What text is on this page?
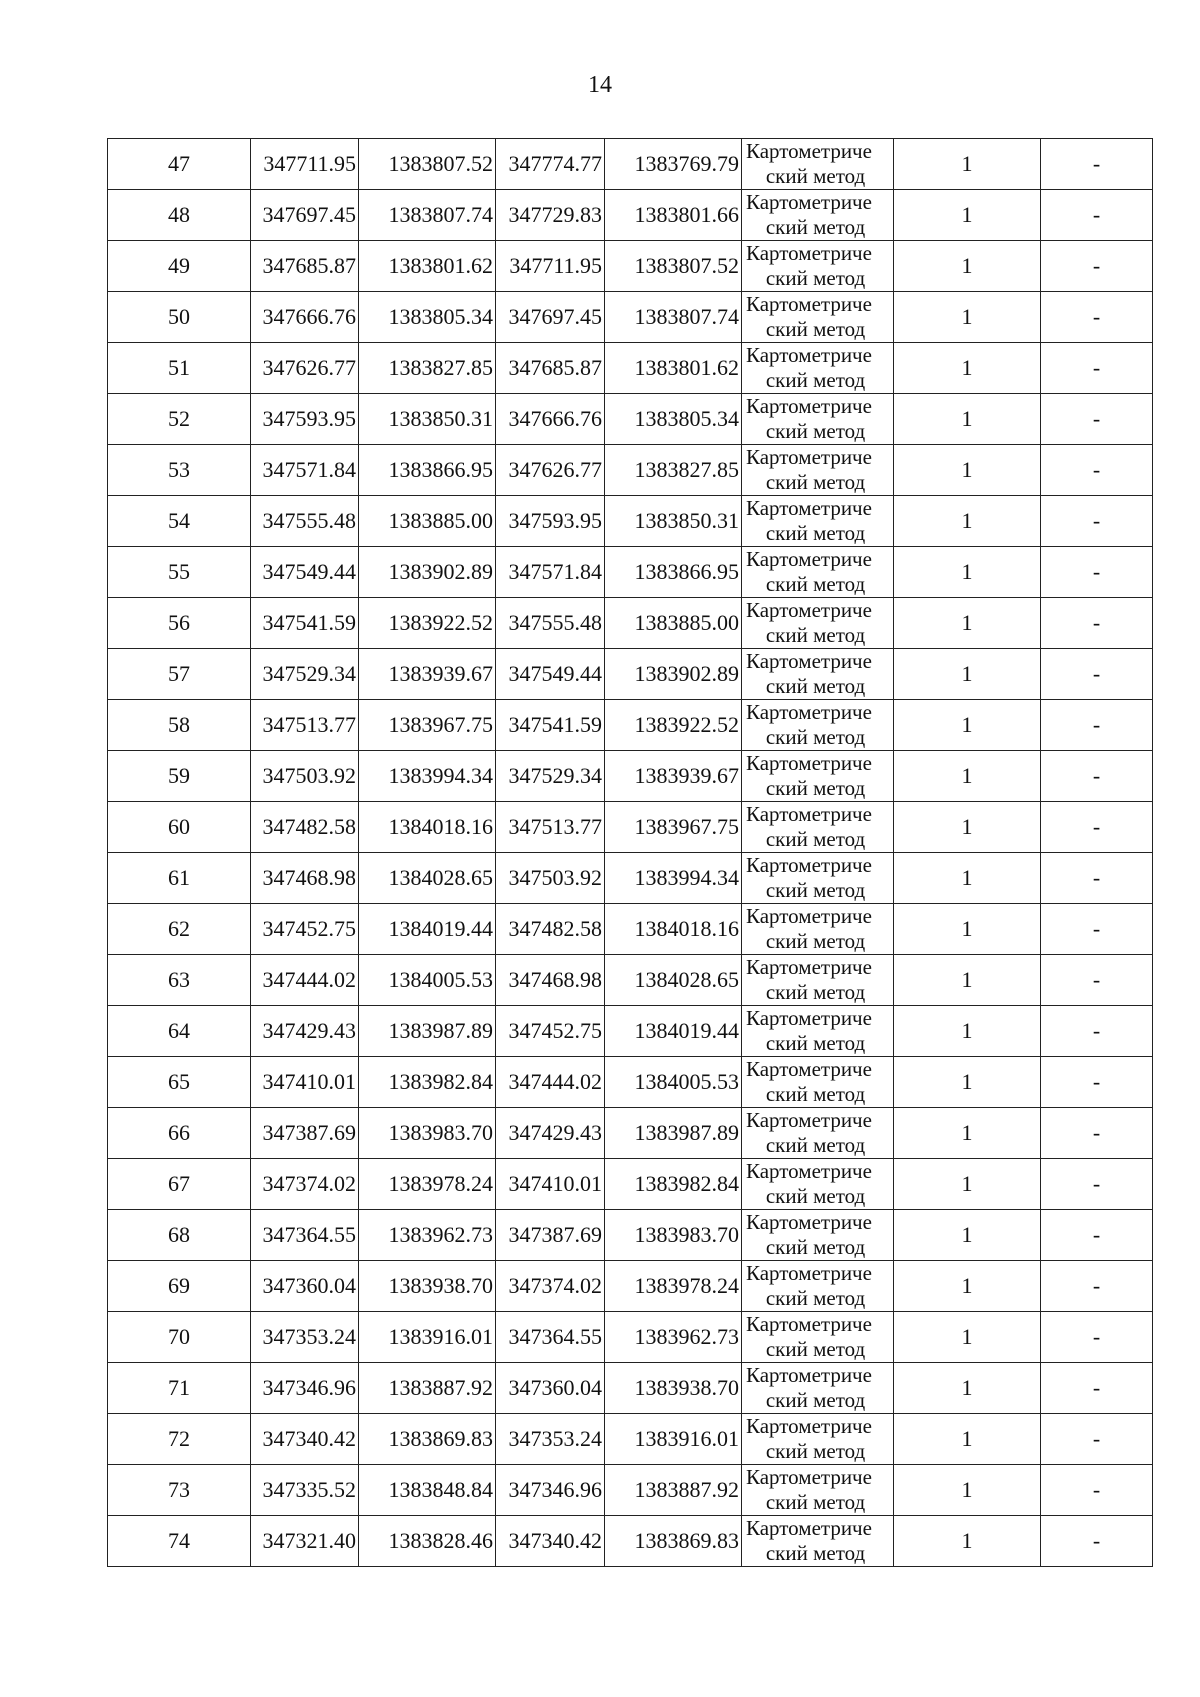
14
47	347711.95	1383807.52	347774.77	1383769.79	Картометриче
ский метод	1	-
48	347697.45	1383807.74	347729.83	1383801.66	Картометриче
ский метод	1	-
49	347685.87	1383801.62	347711.95	1383807.52	Картометриче
ский метод	1	-
50	347666.76	1383805.34	347697.45	1383807.74	Картометриче
ский метод	1	-
51	347626.77	1383827.85	347685.87	1383801.62	Картометриче
ский метод	1	-
52	347593.95	1383850.31	347666.76	1383805.34	Картометриче
ский метод	1	-
53	347571.84	1383866.95	347626.77	1383827.85	Картометриче
ский метод	1	-
54	347555.48	1383885.00	347593.95	1383850.31	Картометриче
ский метод	1	-
55	347549.44	1383902.89	347571.84	1383866.95	Картометриче
ский метод	1	-
56	347541.59	1383922.52	347555.48	1383885.00	Картометриче
ский метод	1	-
57	347529.34	1383939.67	347549.44	1383902.89	Картометриче
ский метод	1	-
58	347513.77	1383967.75	347541.59	1383922.52	Картометриче
ский метод	1	-
59	347503.92	1383994.34	347529.34	1383939.67	Картометриче
ский метод	1	-
60	347482.58	1384018.16	347513.77	1383967.75	Картометриче
ский метод	1	-
61	347468.98	1384028.65	347503.92	1383994.34	Картометриче
ский метод	1	-
62	347452.75	1384019.44	347482.58	1384018.16	Картометриче
ский метод	1	-
63	347444.02	1384005.53	347468.98	1384028.65	Картометриче
ский метод	1	-
64	347429.43	1383987.89	347452.75	1384019.44	Картометриче
ский метод	1	-
65	347410.01	1383982.84	347444.02	1384005.53	Картометриче
ский метод	1	-
66	347387.69	1383983.70	347429.43	1383987.89	Картометриче
ский метод	1	-
67	347374.02	1383978.24	347410.01	1383982.84	Картометриче
ский метод	1	-
68	347364.55	1383962.73	347387.69	1383983.70	Картометриче
ский метод	1	-
69	347360.04	1383938.70	347374.02	1383978.24	Картометриче
ский метод	1	-
70	347353.24	1383916.01	347364.55	1383962.73	Картометриче
ский метод	1	-
71	347346.96	1383887.92	347360.04	1383938.70	Картометриче
ский метод	1	-
72	347340.42	1383869.83	347353.24	1383916.01	Картометриче
ский метод	1	-
73	347335.52	1383848.84	347346.96	1383887.92	Картометриче
ский метод	1	-
74	347321.40	1383828.46	347340.42	1383869.83	Картометриче
ский метод	1	-
